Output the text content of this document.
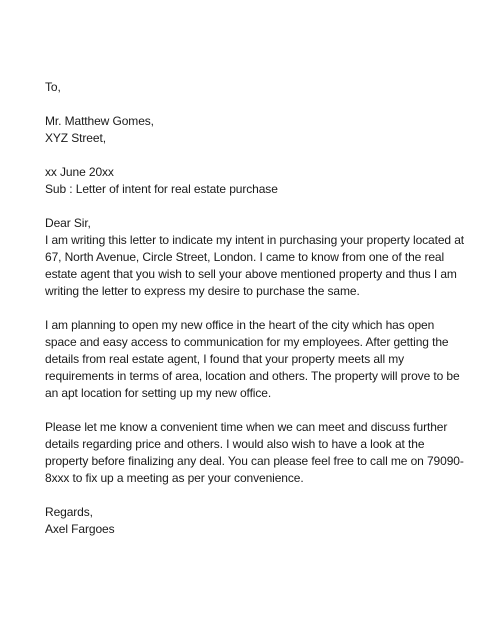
To,
Mr. Matthew Gomes,
XYZ Street,
xx June 20xx
Sub : Letter of intent for real estate purchase
Dear Sir,
I am writing this letter to indicate my intent in purchasing your property located at
67, North Avenue, Circle Street, London. I came to know from one of the real
estate agent that you wish to sell your above mentioned property and thus I am
writing the letter to express my desire to purchase the same.
I am planning to open my new office in the heart of the city which has open
space and easy access to communication for my employees. After getting the
details from real estate agent, I found that your property meets all my
requirements in terms of area, location and others. The property will prove to be
an apt location for setting up my new office.
Please let me know a convenient time when we can meet and discuss further
details regarding price and others. I would also wish to have a look at the
property before finalizing any deal. You can please feel free to call me on 79090-
8xxx to fix up a meeting as per your convenience.
Regards,
Axel Fargoes
